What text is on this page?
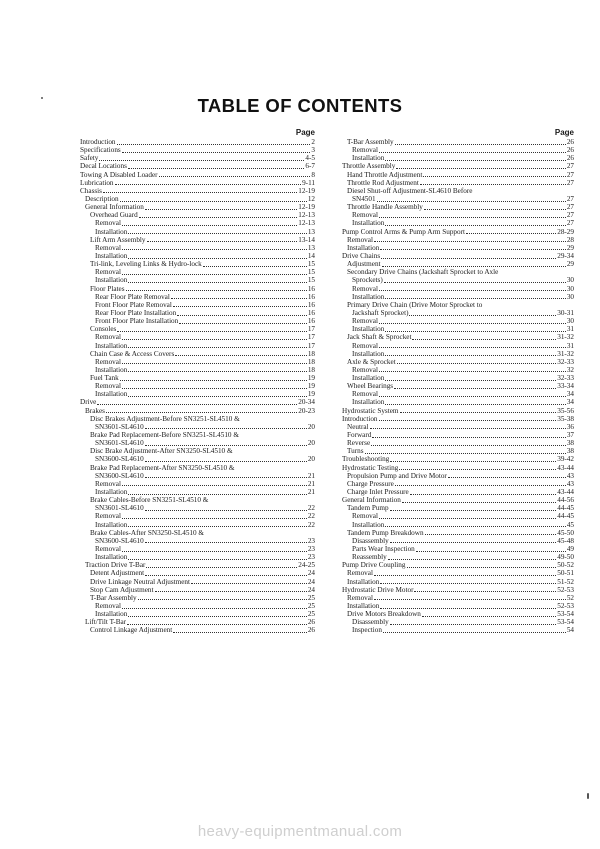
TABLE OF CONTENTS
Page
Introduction	2
Specifications	3
Safety	4-5
Decal Locations	6-7
Towing A Disabled Loader	8
Lubrication	9-11
Chassis	12-19
Description	12
General Information	12-19
Overhead Guard	12-13
Removal	12-13
Installation	13
Lift Arm Assembly	13-14
Removal	13
Installation	14
Tri-link, Leveling Links & Hydro-lock	15
Removal	15
Installation	15
Floor Plates	16
Rear Floor Plate Removal	16
Front Floor Plate Removal	16
Rear Floor Plate Installation	16
Front Floor Plate Installation	16
Consoles	17
Removal	17
Installation	17
Chain Case & Access Covers	18
Removal	18
Installation	18
Fuel Tank	19
Removal	19
Installation	19
Drive	20-34
Brakes	20-23
Disc Brakes Adjustment-Before SN3251-SL4510 &
SN3601-SL4610	20
Brake Pad Replacement-Before SN3251-SL4510 &
SN3601-SL4610	20
Disc Brake Adjustment-After SN3250-SL4510 &
SN3600-SL4610	20
Brake Pad Replacement-After SN3250-SL4510 &
SN3600-SL4610	21
Removal	21
Installation	21
Brake Cables-Before SN3251-SL4510 &
SN3601-SL4610	22
Removal	22
Installation	22
Brake Cables-After SN3250-SL4510 &
SN3600-SL4610	23
Removal	23
Installation	23
Traction Drive T-Bar	24-25
Detent Adjustment	24
Drive Linkage Neutral Adjustment	24
Stop Cam Adjustment	24
T-Bar Assembly	25
Removal	25
Installation	25
Lift/Tilt T-Bar	26
Control Linkage Adjustment	26
Page
T-Bar Assembly	26
Removal	26
Installation	26
Throttle Assembly	27
Hand Throttle Adjustment	27
Throttle Rod Adjustment	27
Diesel Shut-off Adjustment-SL4610 Before
SN4501	27
Throttle Handle Assembly	27
Removal	27
Installation	27
Pump Control Arms & Pump Arm Support	28-29
Removal	28
Installation	29
Drive Chains	29-34
Adjustment	29
Secondary Drive Chains (Jackshaft Sprocket to Axle
Sprockets)	30
Removal	30
Installation	30
Primary Drive Chain (Drive Motor Sprocket to
Jackshaft Sprocket)	30-31
Removal	30
Installation	31
Jack Shaft & Sprocket	31-32
Removal	31
Installation	31-32
Axle & Sprocket	32-33
Removal	32
Installation	32-33
Wheel Bearings	33-34
Removal	34
Installation	34
Hydrostatic System	35-56
Introduction	35-38
Neutral	36
Forward	37
Reverse	38
Turns	38
Troubleshooting	39-42
Hydrostatic Testing	43-44
Propulsion Pump and Drive Motor	43
Charge Pressure	43
Charge Inlet Pressure	43-44
General Information	44-56
Tandem Pump	44-45
Removal	44-45
Installation	45
Tandem Pump Breakdown	45-50
Disassembly	45-48
Parts Wear Inspection	49
Reassembly	49-50
Pump Drive Coupling	50-52
Removal	50-51
Installation	51-52
Hydrostatic Drive Motor	52-53
Removal	52
Installation	52-53
Drive Motors Breakdown	53-54
Disassembly	53-54
Inspection	54
heavy-equipmentmanual.com
